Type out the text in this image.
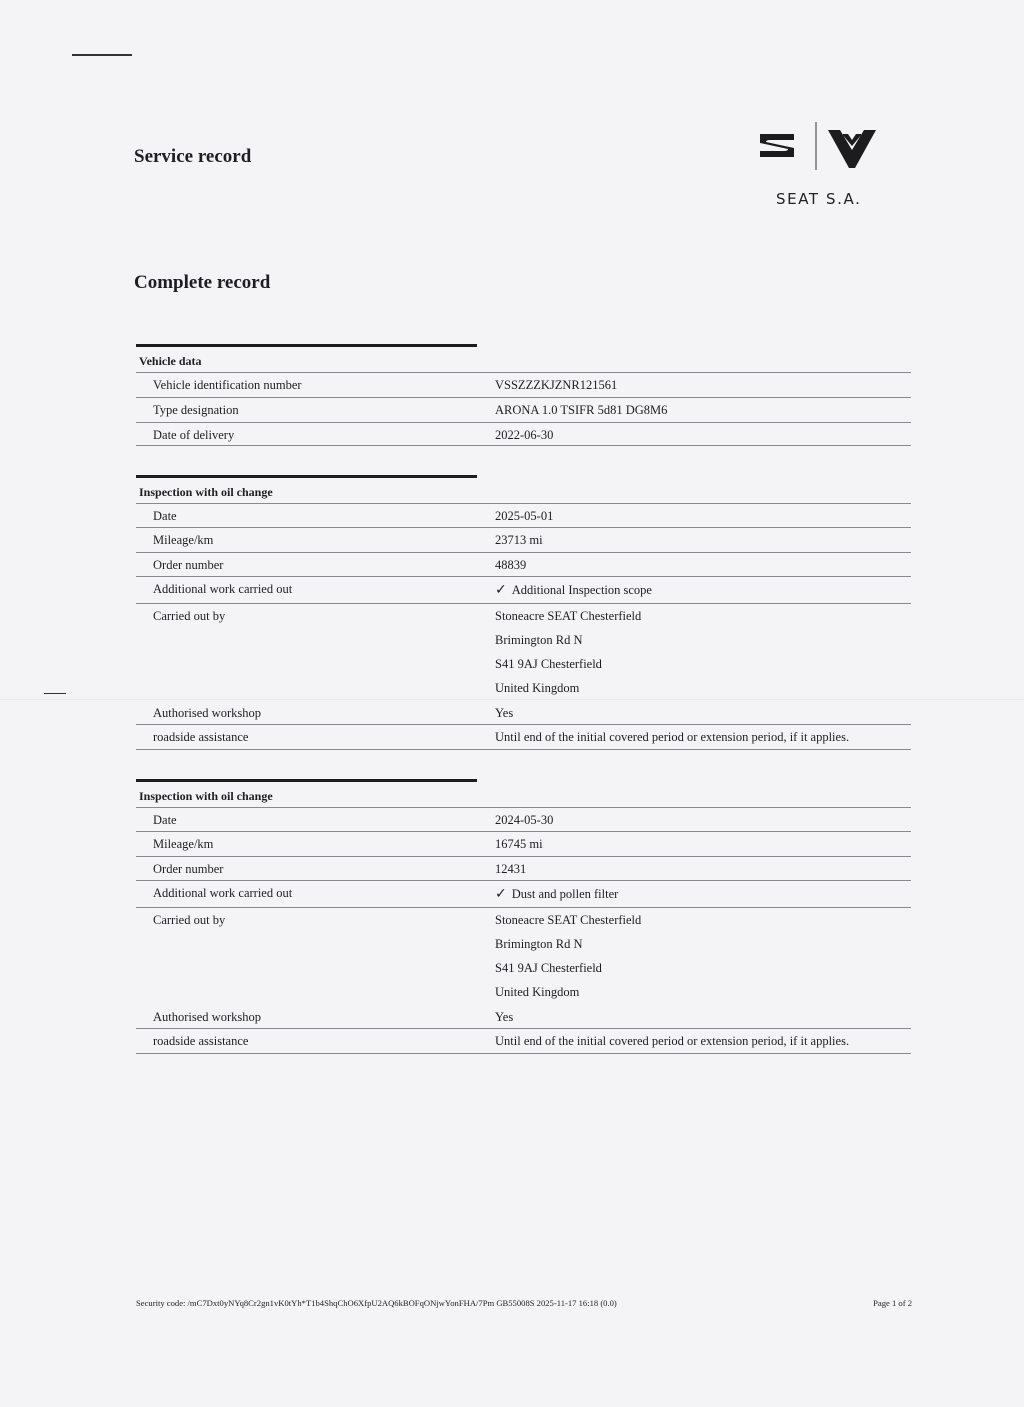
Service record
SEAT S.A.
Complete record
Vehicle data
Vehicle identification number	VSSZZZKJZNR121561
Type designation	ARONA 1.0 TSIFR 5d81 DG8M6
Date of delivery	2022-06-30
Inspection with oil change
Date	2025-05-01
Mileage/km	23713 mi
Order number	48839
Additional work carried out	✓ Additional Inspection scope
Carried out by	Stoneacre SEAT Chesterfield
Brimington Rd N
S41 9AJ Chesterfield
United Kingdom
Authorised workshop	Yes
roadside assistance	Until end of the initial covered period or extension period, if it applies.
Inspection with oil change
Date	2024-05-30
Mileage/km	16745 mi
Order number	12431
Additional work carried out	✓ Dust and pollen filter
Carried out by	Stoneacre SEAT Chesterfield
Brimington Rd N
S41 9AJ Chesterfield
United Kingdom
Authorised workshop	Yes
roadside assistance	Until end of the initial covered period or extension period, if it applies.
Security code: /mC7Dxt0yNYq8Cr2gn1vK0tYh*T1b4ShqChO6XfpU2AQ6kBOFqONjwYonFHA/7Pm GB55008S 2025-11-17 16:18 (0.0)	Page 1 of 2
